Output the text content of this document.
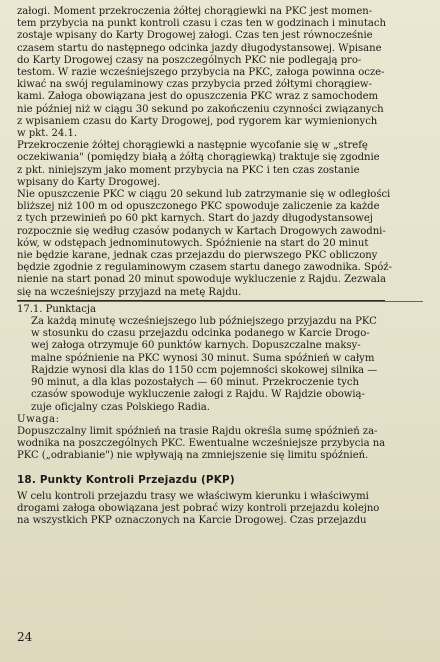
załogi. Moment przekroczenia żółtej chorągiewki na PKC jest momen-
tem przybycia na punkt kontroli czasu i czas ten w godzinach i minutach
zostaje wpisany do Karty Drogowej załogi. Czas ten jest równocześnie
czasem startu do następnego odcinka jazdy długodystansowej. Wpisane
do Karty Drogowej czasy na poszczególnych PKC nie podlegają pro-
testom. W razie wcześniejszego przybycia na PKC, załoga powinna ocze-
kiwać na swój regulaminowy czas przybycia przed żółtymi chorągiew-
kami. Załoga obowiązana jest do opuszczenia PKC wraz z samochodem
nie później niż w ciągu 30 sekund po zakończeniu czynności związanych
z wpisaniem czasu do Karty Drogowej, pod rygorem kar wymienionych
w pkt. 24.1.
Przekroczenie żółtej chorągiewki a następnie wycofanie się w „strefę
oczekiwania" (pomiędzy białą a żółtą chorągiewką) traktuje się zgodnie
z pkt. niniejszym jako moment przybycia na PKC i ten czas zostanie
wpisany do Karty Drogowej.
Nie opuszczenie PKC w ciągu 20 sekund lub zatrzymanie się w odległości
bliższej niż 100 m od opuszczonego PKC spowoduje zaliczenie za każde
z tych przewinień po 60 pkt karnych. Start do jazdy długodystansowej
rozpocznie się według czasów podanych w Kartach Drogowych zawodni-
ków, w odstępach jednominutowych. Spóźnienie na start do 20 minut
nie będzie karane, jednak czas przejazdu do pierwszego PKC obliczony
będzie zgodnie z regulaminowym czasem startu danego zawodnika. Spóź-
nienie na start ponad 20 minut spowoduje wykluczenie z Rajdu. Zezwala
się na wcześniejszy przyjazd na metę Rajdu.
17.1. Punktacja
Za każdą minutę wcześniejszego lub późniejszego przyjazdu na PKC
w stosunku do czasu przejazdu odcinka podanego w Karcie Drogo-
wej załoga otrzymuje 60 punktów karnych. Dopuszczalne maksy-
malne spóźnienie na PKC wynosi 30 minut. Suma spóźnień w całym
Rajdzie wynosi dla klas do 1150 ccm pojemności skokowej silnika —
90 minut, a dla klas pozostałych — 60 minut. Przekroczenie tych
czasów spowoduje wykluczenie załogi z Rajdu. W Rajdzie obowią-
zuje oficjalny czas Polskiego Radia.
Uwaga:
Dopuszczalny limit spóźnień na trasie Rajdu określa sumę spóźnień za-
wodnika na poszczególnych PKC. Ewentualne wcześniejsze przybycia na
PKC („odrabianie") nie wpływają na zmniejszenie się limitu spóźnień.
18. Punkty Kontroli Przejazdu (PKP)
W celu kontroli przejazdu trasy we właściwym kierunku i właściwymi
drogami załoga obowiązana jest pobrać wizy kontroli przejazdu kolejno
na wszystkich PKP oznaczonych na Karcie Drogowej. Czas przejazdu
24
